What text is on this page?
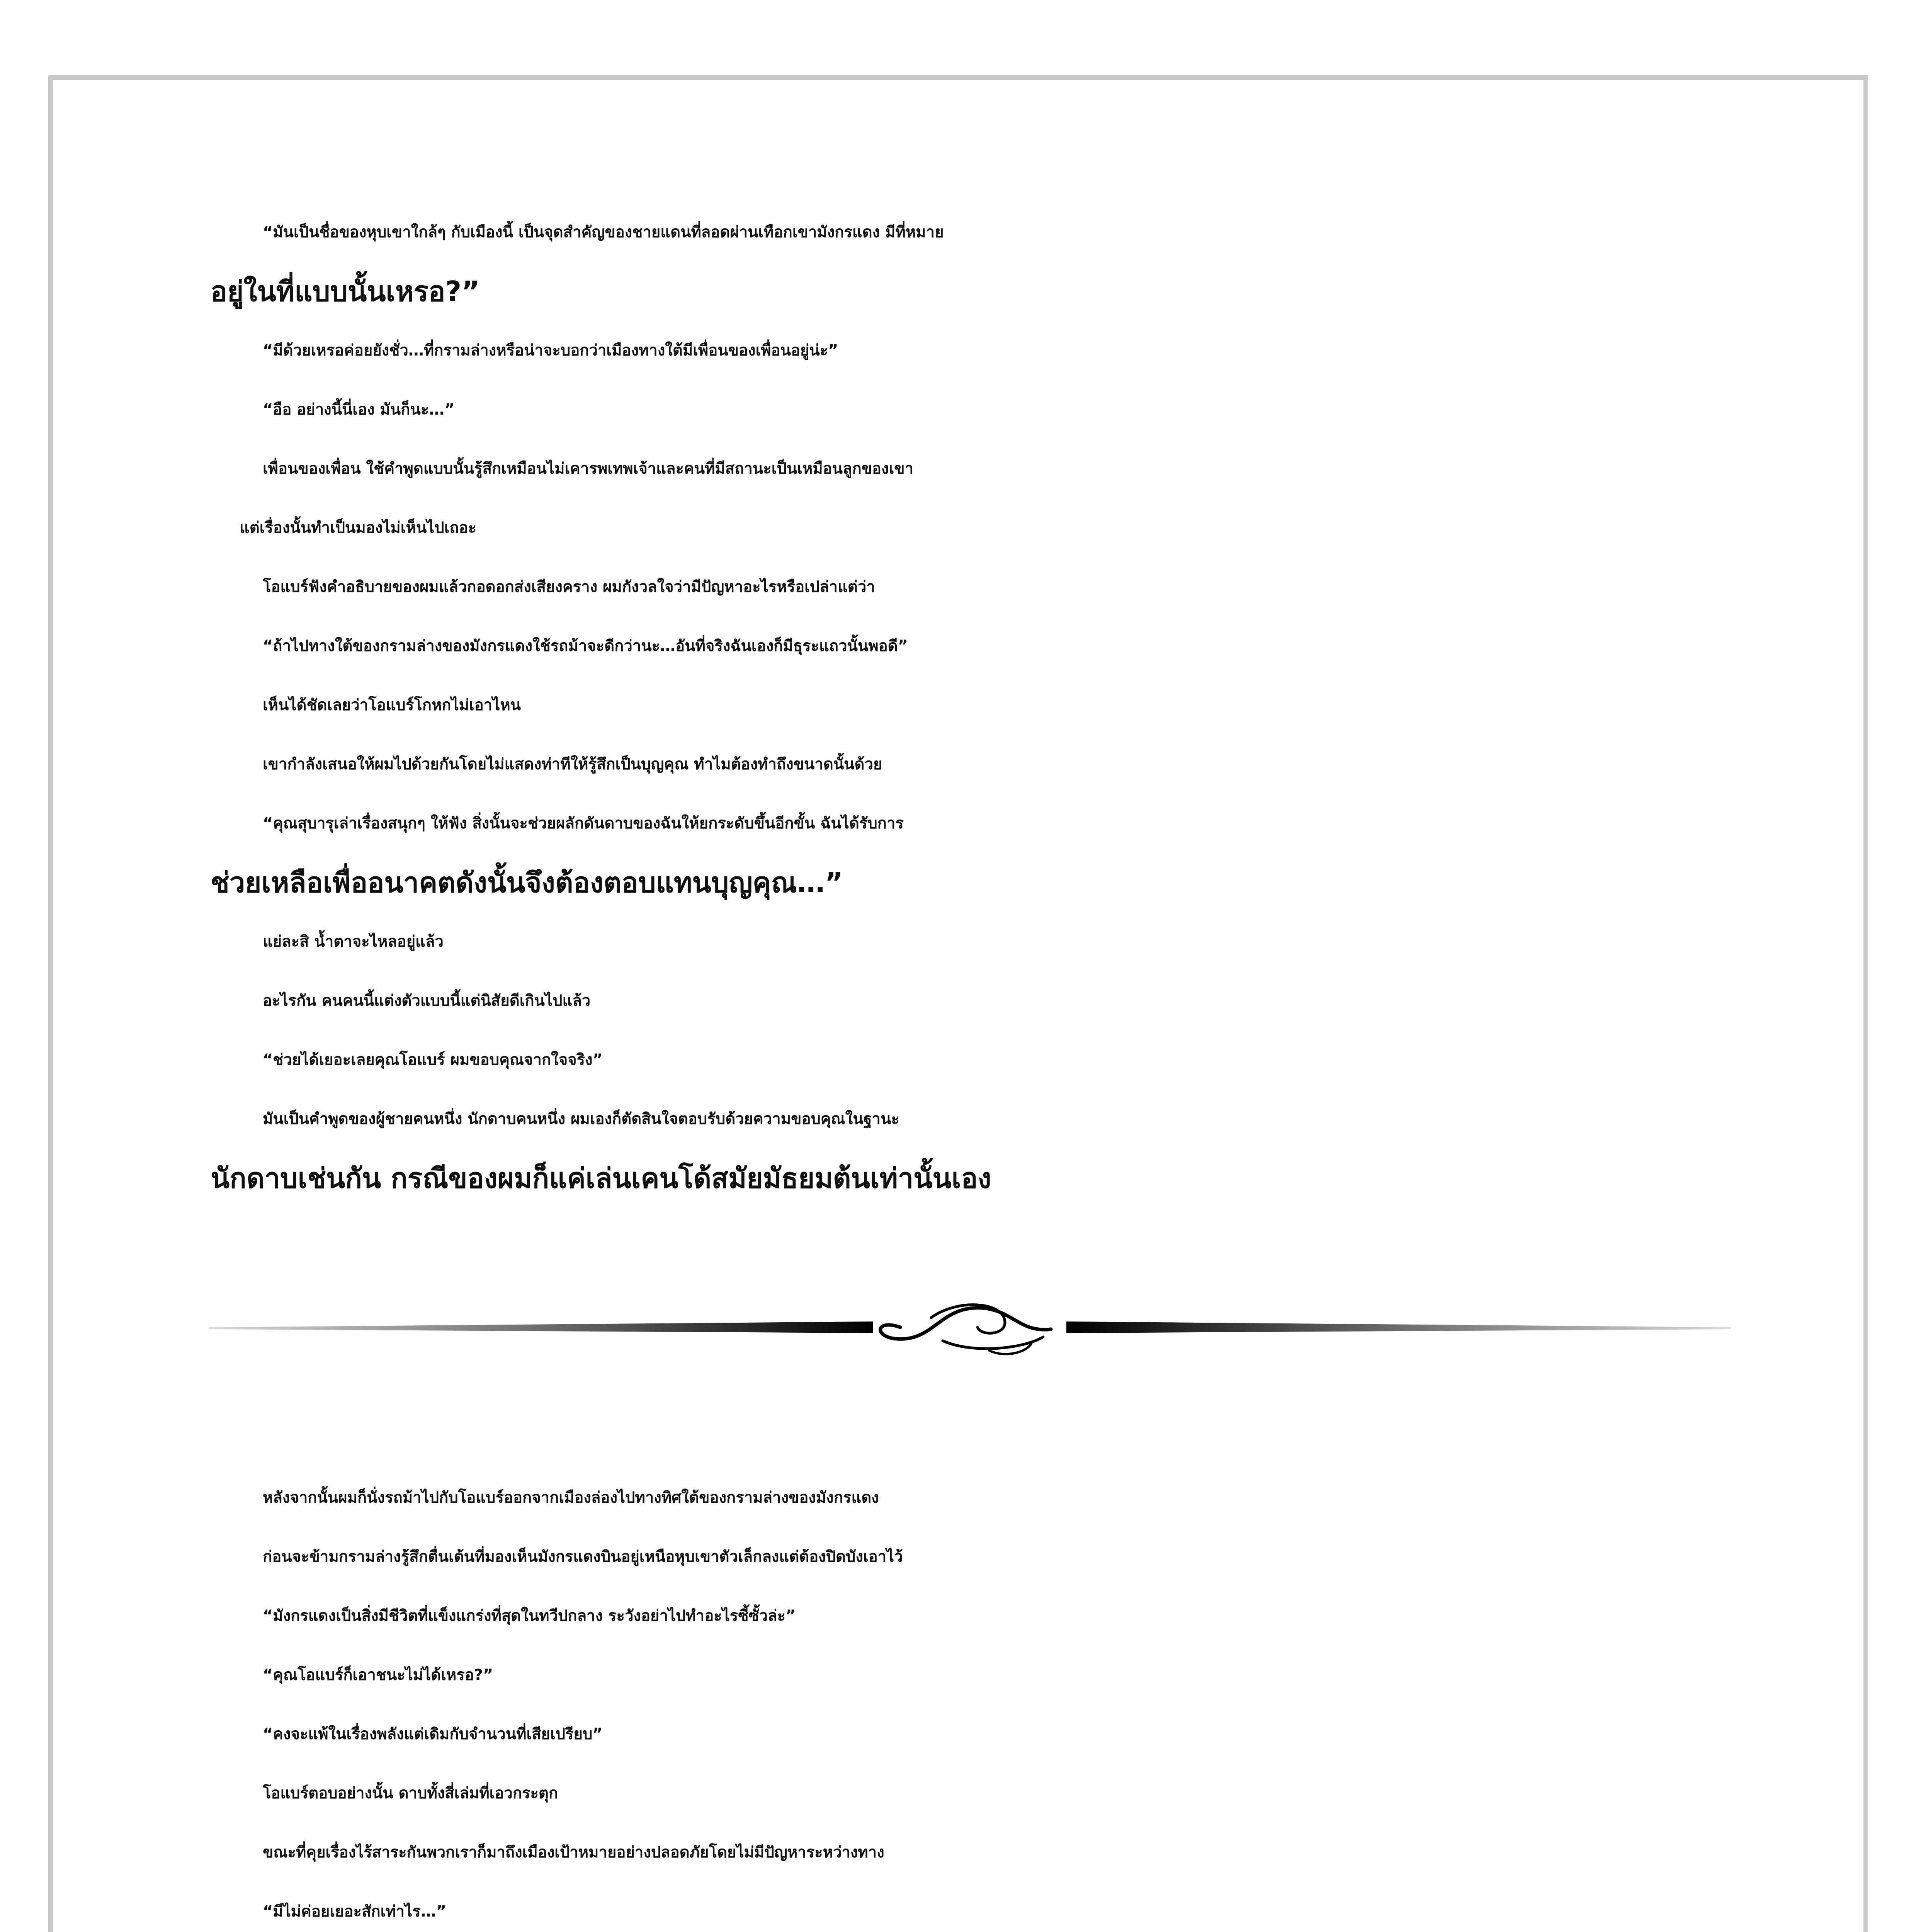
“มันเป็นชื่อของหุบเขาใกล้ๆ กับเมืองนี้ เป็นจุดสำคัญของชายแดนที่ลอดผ่านเทือกเขามังกรแดง มีที่หมาย

อยู่ในที่แบบนั้นเหรอ?”

“มีด้วยเหรอค่อยยังชั่ว…ที่กรามล่างหรือน่าจะบอกว่าเมืองทางใต้มีเพื่อนของเพื่อนอยู่น่ะ”

“อือ อย่างนี้นี่เอง มันก็นะ…”

เพื่อนของเพื่อน ใช้คำพูดแบบนั้นรู้สึกเหมือนไม่เคารพเทพเจ้าและคนที่มีสถานะเป็นเหมือนลูกของเขา

แต่เรื่องนั้นทำเป็นมองไม่เห็นไปเถอะ

โอแบร์ฟังคำอธิบายของผมแล้วกอดอกส่งเสียงคราง ผมกังวลใจว่ามีปัญหาอะไรหรือเปล่าแต่ว่า

“ถ้าไปทางใต้ของกรามล่างของมังกรแดงใช้รถม้าจะดีกว่านะ…อันที่จริงฉันเองก็มีธุระแถวนั้นพอดี”

เห็นได้ชัดเลยว่าโอแบร์โกหกไม่เอาไหน

เขากำลังเสนอให้ผมไปด้วยกันโดยไม่แสดงท่าทีให้รู้สึกเป็นบุญคุณ ทำไมต้องทำถึงขนาดนั้นด้วย

“คุณสุบารุเล่าเรื่องสนุกๆ ให้ฟัง สิ่งนั้นจะช่วยผลักดันดาบของฉันให้ยกระดับขึ้นอีกขั้น ฉันได้รับการ

ช่วยเหลือเพื่ออนาคตดังนั้นจึงต้องตอบแทนบุญคุณ…”

แย่ละสิ น้ำตาจะไหลอยู่แล้ว

อะไรกัน คนคนนี้แต่งตัวแบบนี้แต่นิสัยดีเกินไปแล้ว

“ช่วยได้เยอะเลยคุณโอแบร์ ผมขอบคุณจากใจจริง”

มันเป็นคำพูดของผู้ชายคนหนึ่ง นักดาบคนหนึ่ง ผมเองก็ตัดสินใจตอบรับด้วยความขอบคุณในฐานะ

นักดาบเช่นกัน กรณีของผมก็แค่เล่นเคนโด้สมัยมัธยมต้นเท่านั้นเอง

หลังจากนั้นผมก็นั่งรถม้าไปกับโอแบร์ออกจากเมืองล่องไปทางทิศใต้ของกรามล่างของมังกรแดง

ก่อนจะข้ามกรามล่างรู้สึกตื่นเต้นที่มองเห็นมังกรแดงบินอยู่เหนือหุบเขาตัวเล็กลงแต่ต้องปิดบังเอาไว้

“มังกรแดงเป็นสิ่งมีชีวิตที่แข็งแกร่งที่สุดในทวีปกลาง ระวังอย่าไปทำอะไรซี้ซั้วล่ะ”

“คุณโอแบร์ก็เอาชนะไม่ได้เหรอ?”

“คงจะแพ้ในเรื่องพลังแต่เดิมกับจำนวนที่เสียเปรียบ”

โอแบร์ตอบอย่างนั้น ดาบทั้งสี่เล่มที่เอวกระตุก

ขณะที่คุยเรื่องไร้สาระกันพวกเราก็มาถึงเมืองเป้าหมายอย่างปลอดภัยโดยไม่มีปัญหาระหว่างทาง

“มีไม่ค่อยเยอะสักเท่าไร…”
